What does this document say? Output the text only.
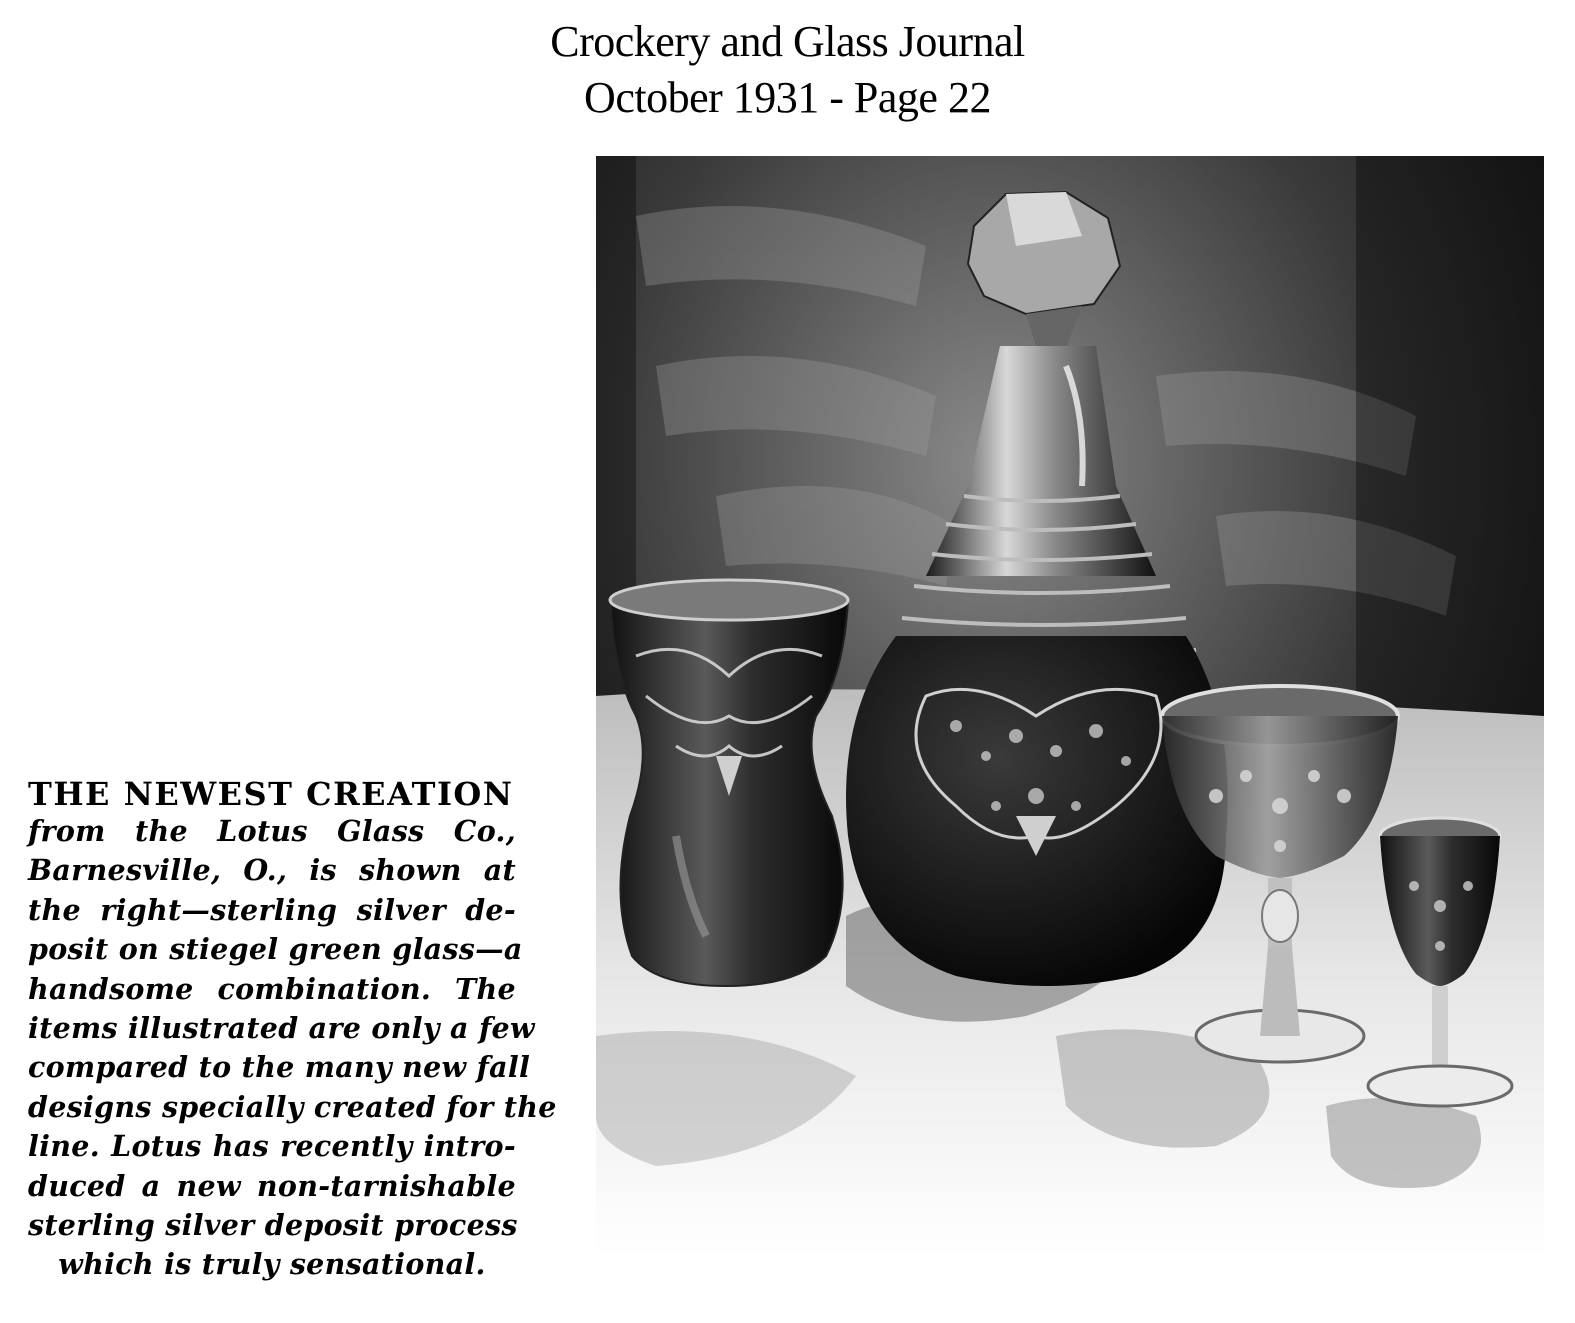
Crockery and Glass Journal
October 1931 - Page 22
THE NEWEST CREATION
from the Lotus Glass Co.,
Barnesville, O., is shown at
the right—sterling silver de-
posit on stiegel green glass—a
handsome combination. The
items illustrated are only a few
compared to the many new fall
designs specially created for the
line. Lotus has recently intro-
duced a new non-tarnishable
sterling silver deposit process
which is truly sensational.
